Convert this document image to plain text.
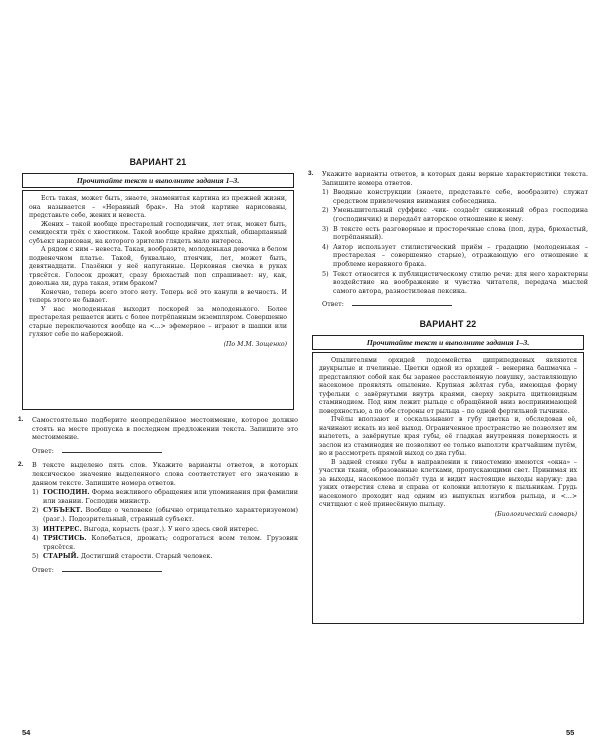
ВАРИАНТ 21
Прочитайте текст и выполните задания 1–3.

Есть такая, может быть, знаете, знаменитая картина из прежней жизни, она называется – «Неравный брак». На этой картине нарисованы, представьте себе, жених и невеста.

Жених – такой вообще престарелый господинчик, лет этак, может быть, семидесяти трёх с хвостиком. Такой вообще крайне дряхлый, обшарпанный субъект нарисован, на которого зрителю глядеть мало интереса.

А рядом с ним – невеста. Такая, вообразите, молоденькая девочка в белом подвенечном платье. Такой, буквально, птенчик, лет, может быть, девятнадцати. Глазёнки у неё напуганные. Церковная свечка в руках трясётся. Голосок дрожит, сразу брюхастый поп спрашивает: ну, как, довольна ли, дура такая, этим браком?

Конечно, теперь всего этого нету. Теперь всё это канули в вечность. И теперь этого не бывает.

У нас молоденькая выходит поскорей за молоденького. Более престарелая решается жить с более потрёпанным экземпляром. Совершенно старые переключаются вообще на <...> эфемерное – играют в шашки или гуляют себе по набережной.

(По М.М. Зощенко)
1.	Самостоятельно подберите неопределённое местоимение, которое должно стоять на месте пропуска в последнем предложении текста. Запишите это местоимение.
Ответ:
2.	В тексте выделено пять слов. Укажите варианты ответов, в которых лексическое значение выделенного слова соответствует его значению в данном тексте. Запишите номера ответов.
1) ГОСПОДИН. Форма вежливого обращения или упоминания при фамилии или звании. Господин министр.
2) СУБЪЕКТ. Вообще о человеке (обычно отрицательно характеризуемом) (разг.). Подозрительный, странный субъект.
3) ИНТЕРЕС. Выгода, корысть (разг.). У него здесь свой интерес.
4) ТРЯСТИСЬ. Колебаться, дрожать; содрогаться всем телом. Грузовик трясётся.
5) СТАРЫЙ. Достигший старости. Старый человек.
Ответ:
54
3.	Укажите варианты ответов, в которых даны верные характеристики текста. Запишите номера ответов.
1) Вводные конструкции (знаете, представьте себе, вообразите) служат средством привлечения внимания собеседника.
2) Уменьшительный суффикс -чик- создаёт сниженный образ господина (господинчик) и передаёт авторское отношение к нему.
3) В тексте есть разговорные и просторечные слова (поп, дура, брюхастый, потрёпанный).
4) Автор использует стилистический приём – градацию (молоденькая – престарелая – совершенно старые), отражающую его отношение к проблеме неравного брака.
5) Текст относится к публицистическому стилю речи: для него характерны воздействие на воображение и чувства читателя, передача мыслей самого автора, разностилевая лексика.
Ответ:
ВАРИАНТ 22
Прочитайте текст и выполните задания 1–3.

Опылителями орхидей подсемейства циприпедиевых являются двукрылые и пчелиные. Цветки одной из орхидей – венерина башмачка – представляют собой как бы заранее расставленную ловушку, заставляющую насекомое проявлять опыление. Крупная жёлтая губа, имеющая форму туфельки с завёрнутыми внутрь краями, сверху закрыта щитковидным стаминодием. Под ним лежит рыльце с обращённой вниз воспринимающей поверхностью, а по обе стороны от рыльца – по одной фертильной тычинке.

Пчёлы вползают и соскальзывают в губу цветка и, обследовав её, начинают искать из неё выход. Ограниченное пространство не позволяет им вылететь, а завёрнутые края губы, её гладкая внутренняя поверхность и заслон из стаминодия не позволяют ее только выползти кратчайшим путём, но и рассмотреть прямой выход со дна губы.

В задней стенке губы в направлении к гиностемию имеются «окна» – участки ткани, образованные клетками, пропускающими свет. Принимая их за выходы, насекомое ползёт туда и видит настоящие выходы наружу: два узких отверстия слева и справа от колонки вплотную к пыльникам. Грудь насекомого проходит над одним из выпуклых изгибов рыльца, и <...> считщают с неё принесённую пыльцу.

(Биологический словарь)
55
